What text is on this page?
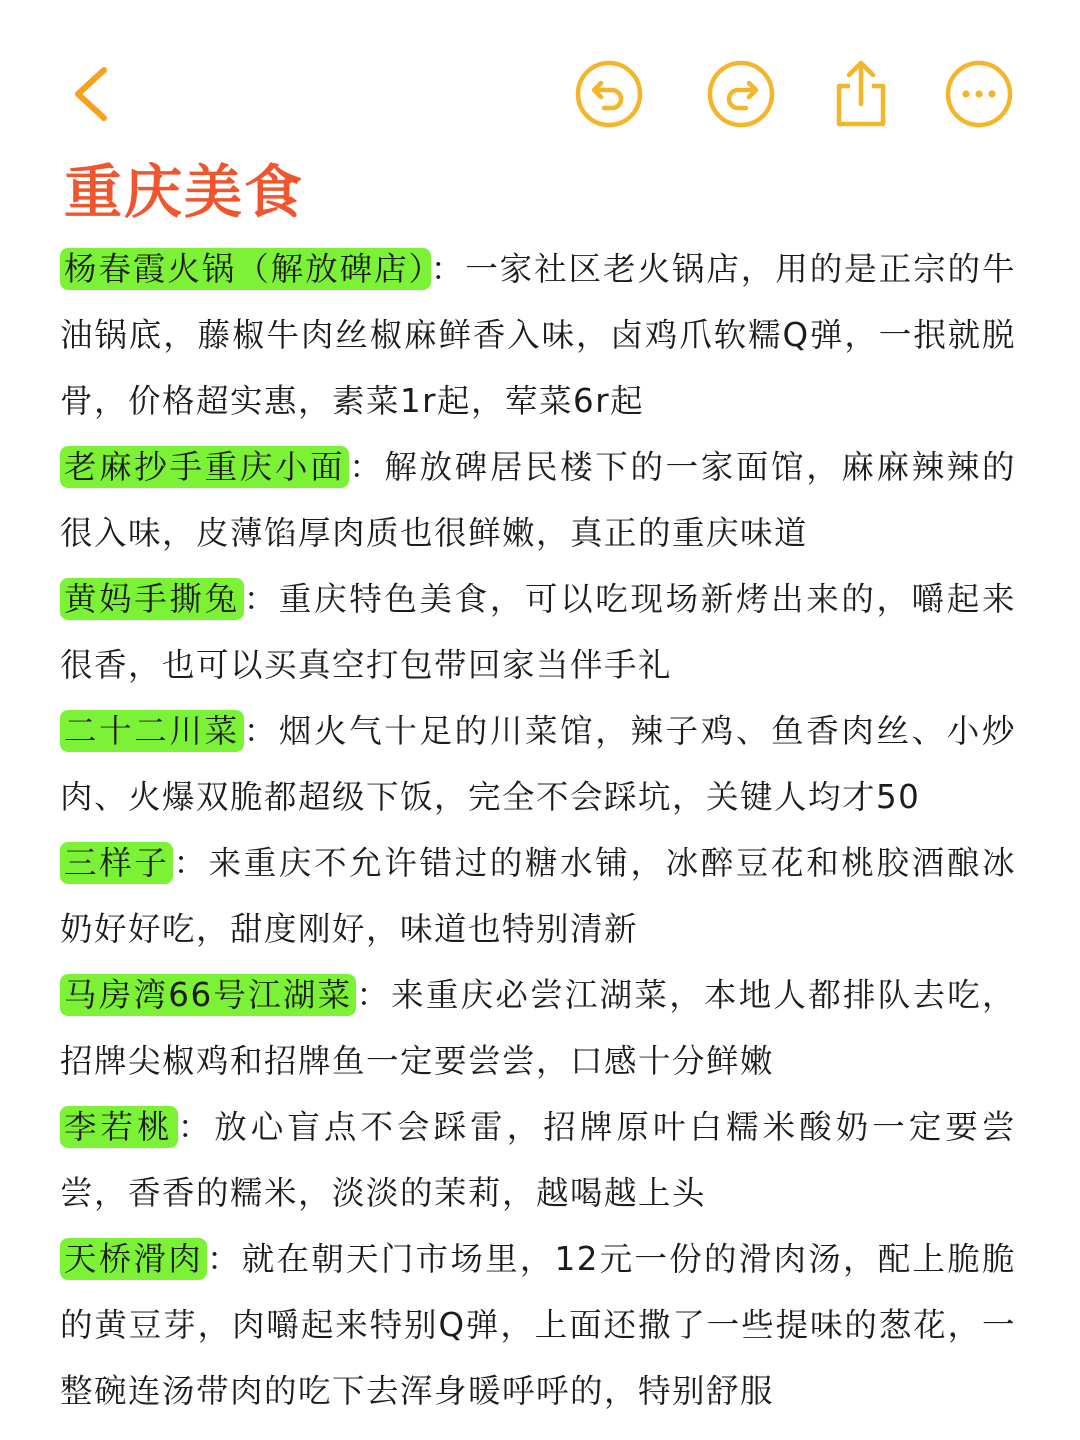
重庆美食

杨春霞火锅（解放碑店） ：一家社区老火锅店，用的是正宗的牛油锅底，藤椒牛肉丝椒麻鲜香入味，卤鸡爪软糯Q弹，一抿就脱骨，价格超实惠，素菜1r起，荤菜6r起

老麻抄手重庆小面 ：解放碑居民楼下的一家面馆，麻麻辣辣的很入味，皮薄馅厚肉质也很鲜嫩，真正的重庆味道

黄妈手撕兔 ：重庆特色美食，可以吃现场新烤出来的，嚼起来很香，也可以买真空打包带回家当伴手礼

二十二川菜 ：烟火气十足的川菜馆，辣子鸡、鱼香肉丝、小炒肉、火爆双脆都超级下饭，完全不会踩坑，关键人均才50

三样子 ：来重庆不允许错过的糖水铺，冰醉豆花和桃胶酒酿冰奶好好吃，甜度刚好，味道也特别清新

马房湾66号江湖菜 ：来重庆必尝江湖菜，本地人都排队去吃，招牌尖椒鸡和招牌鱼一定要尝尝，口感十分鲜嫩

李若桃 ：放心盲点不会踩雷，招牌原叶白糯米酸奶一定要尝尝，香香的糯米，淡淡的茉莉，越喝越上头

天桥滑肉 ：就在朝天门市场里，12元一份的滑肉汤，配上脆脆的黄豆芽，肉嚼起来特别Q弹，上面还撒了一些提味的葱花，一整碗连汤带肉的吃下去浑身暖呼呼的，特别舒服
